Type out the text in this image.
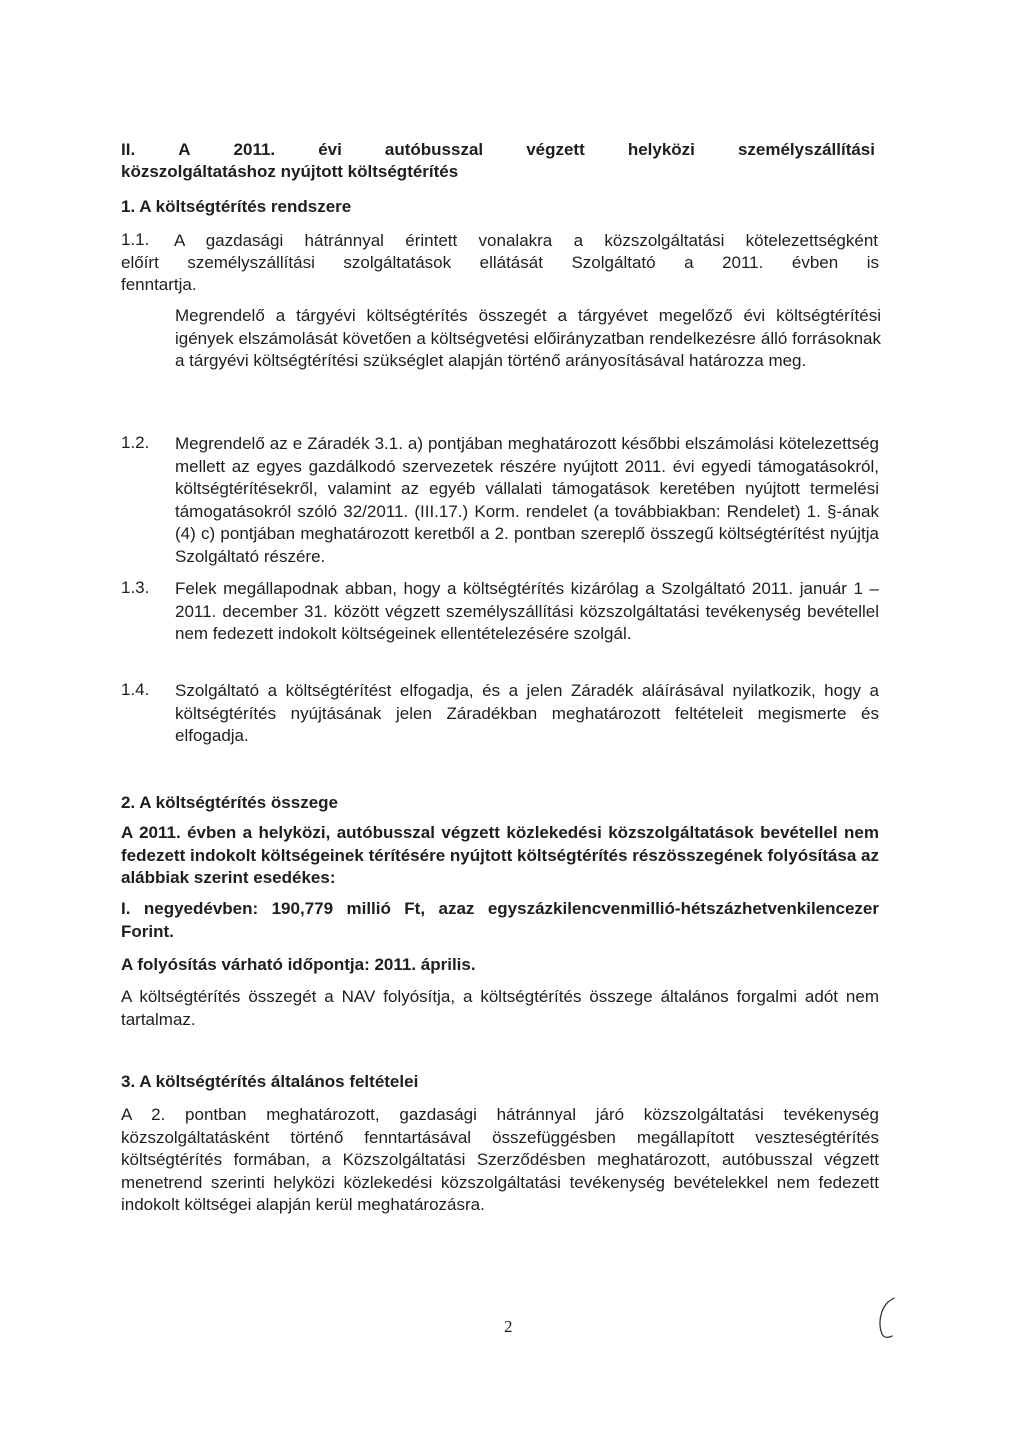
II.	A	2011.	évi	autóbusszal	végzett	helyközi	személyszállítási
közszolgáltatáshoz nyújtott költségtérítés
1. A költségtérítés rendszere
1.1. A gazdasági hátránnyal érintett vonalakra a közszolgáltatási kötelezettségként

előírt személyszállítási szolgáltatások ellátását Szolgáltató a 2011. évben is

fenntartja.

Megrendelő a tárgyévi költségtérítés összegét a tárgyévet megelőző évi költségtérítési igények elszámolását követően a költségvetési előirányzatban rendelkezésre álló forrásoknak a tárgyévi költségtérítési szükséglet alapján történő arányosításával határozza meg.

1.2. Megrendelő az e Záradék 3.1. a) pontjában meghatározott későbbi elszámolási kötelezettség mellett az egyes gazdálkodó szervezetek részére nyújtott 2011. évi egyedi támogatásokról, költségtérítésekről, valamint az egyéb vállalati támogatások keretében nyújtott termelési támogatásokról szóló 32/2011. (III.17.) Korm. rendelet (a továbbiakban: Rendelet) 1. §-ának (4) c) pontjában meghatározott keretből a 2. pontban szereplő összegű költségtérítést nyújtja Szolgáltató részére.

1.3. Felek megállapodnak abban, hogy a költségtérítés kizárólag a Szolgáltató 2011. január 1 – 2011. december 31. között végzett személyszállítási közszolgáltatási tevékenység bevétellel nem fedezett indokolt költségeinek ellentételezésére szolgál.

1.4. Szolgáltató a költségtérítést elfogadja, és a jelen Záradék aláírásával nyilatkozik, hogy a költségtérítés nyújtásának jelen Záradékban meghatározott feltételeit megismerte és elfogadja.

2. A költségtérítés összege

A 2011. évben a helyközi, autóbusszal végzett közlekedési közszolgáltatások bevétellel nem fedezett indokolt költségeinek térítésére nyújtott költségtérítés részösszegének folyósítása az alábbiak szerint esedékes:

I. negyedévben: 190,779 millió Ft, azaz egyszázkilencvenmillió-hétszázhetvenkilencezer Forint.

A folyósítás várható időpontja: 2011. április.

A költségtérítés összegét a NAV folyósítja, a költségtérítés összege általános forgalmi adót nem tartalmaz.

3. A költségtérítés általános feltételei

A 2. pontban meghatározott, gazdasági hátránnyal járó közszolgáltatási tevékenység közszolgáltatásként történő fenntartásával összefüggésben megállapított veszteségtérítés költségtérítés formában, a Közszolgáltatási Szerződésben meghatározott, autóbusszal végzett menetrend szerinti helyközi közlekedési közszolgáltatási tevékenység bevételekkel nem fedezett indokolt költségei alapján kerül meghatározásra.

2
